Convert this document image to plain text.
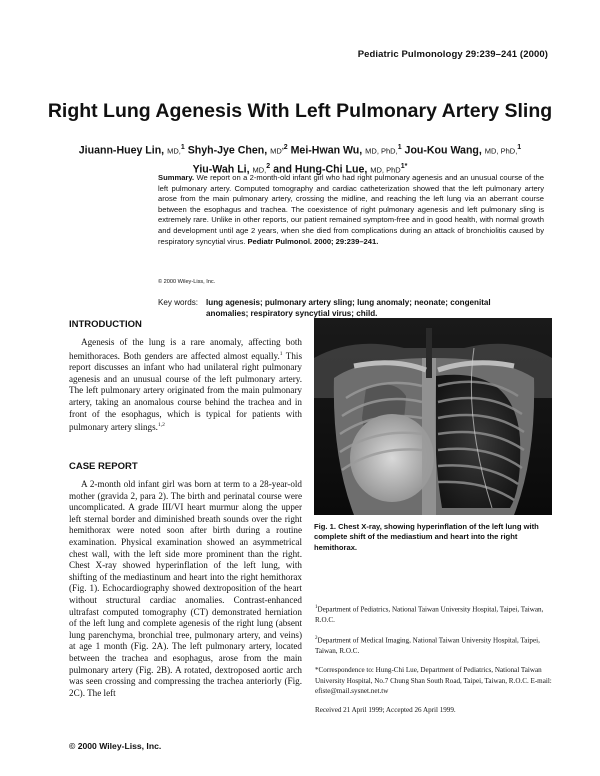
Pediatric Pulmonology 29:239–241 (2000)
Right Lung Agenesis With Left Pulmonary Artery Sling
Jiuann-Huey Lin, MD,$^1$ Shyh-Jye Chen, $MD^{,2}$ Mei-Hwan Wu, MD, PhD,$^1$ Jou-Kou Wang, MD, PhD,$^1$
Yiu-Wah Li, MD,$^2$ and Hung-Chi Lue, MD, PhD$^{1*}$
Summary. We report on a 2-month-old infant girl who had right pulmonary agenesis and an unusual course of the left pulmonary artery. Computed tomography and cardiac catheterization showed that the left pulmonary artery arose from the main pulmonary artery, crossing the midline, and reaching the left lung via an aberrant course between the esophagus and trachea. The coexistence of right pulmonary agenesis and left pulmonary sling is extremely rare. Unlike in other reports, our patient remained symptom-free and in good health, with normal growth and development until age 2 years, when she died from complications during an attack of bronchiolitis caused by respiratory syncytial virus. Pediatr Pulmonol. 2000; 29:239–241.
© 2000 Wiley-Liss, Inc.
Key words: lung agenesis; pulmonary artery sling; lung anomaly; neonate; congenital
anomalies; respiratory syncytial virus; child.
INTRODUCTION

Agenesis of the lung is a rare anomaly, affecting both hemithoraces. Both genders are affected almost equally.$^1$ This report discusses an infant who had unilateral right pulmonary agenesis and an unusual course of the left pulmonary artery. The left pulmonary artery originated from the main pulmonary artery, taking an anomalous course behind the trachea and in front of the esophagus, which is typical for patients with pulmonary artery slings.$^{1,2}$

CASE REPORT

A 2-month old infant girl was born at term to a 28-year-old mother (gravida 2, para 2). The birth and perinatal course were uncomplicated. A grade III/VI heart murmur along the upper left sternal border and diminished breath sounds over the right hemithorax were noted soon after birth during a routine examination. Physical examination showed an asymmetrical chest wall, with the left side more prominent than the right. Chest X-ray showed hyperinflation of the left lung, with shifting of the mediastinum and heart into the right hemithorax (Fig. 1). Echocardiography showed dextroposition of the heart without structural cardiac anomalies. Contrast-enhanced ultrafast computed tomography (CT) demonstrated herniation of the left lung and complete agenesis of the right lung (absent lung parenchyma, bronchial tree, pulmonary artery, and veins) at age 1 month (Fig. 2A). The left pulmonary artery, located between the trachea and esophagus, arose from the main pulmonary artery (Fig. 2B). A rotated, dextroposed aortic arch was seen crossing and compressing the trachea anteriorly (Fig. 2C). The left

Fig. 1. Chest X-ray, showing hyperinflation of the left lung with complete shift of the mediastium and heart into the right hemithorax.

$^1$Department of Pediatrics, National Taiwan University Hospital, Taipei, Taiwan, R.O.C.

$^2$Department of Medical Imaging, National Taiwan University Hospital, Taipei, Taiwan, R.O.C.

*Correspondence to: Hung-Chi Lue, Department of Pediatrics, National Taiwan University Hospital, No.7 Chung Shan South Road, Taipei, Taiwan, R.O.C. E-mail: efiste@mail.sysnet.net.tw

Received 21 April 1999; Accepted 26 April 1999.

© 2000 Wiley-Liss, Inc.
